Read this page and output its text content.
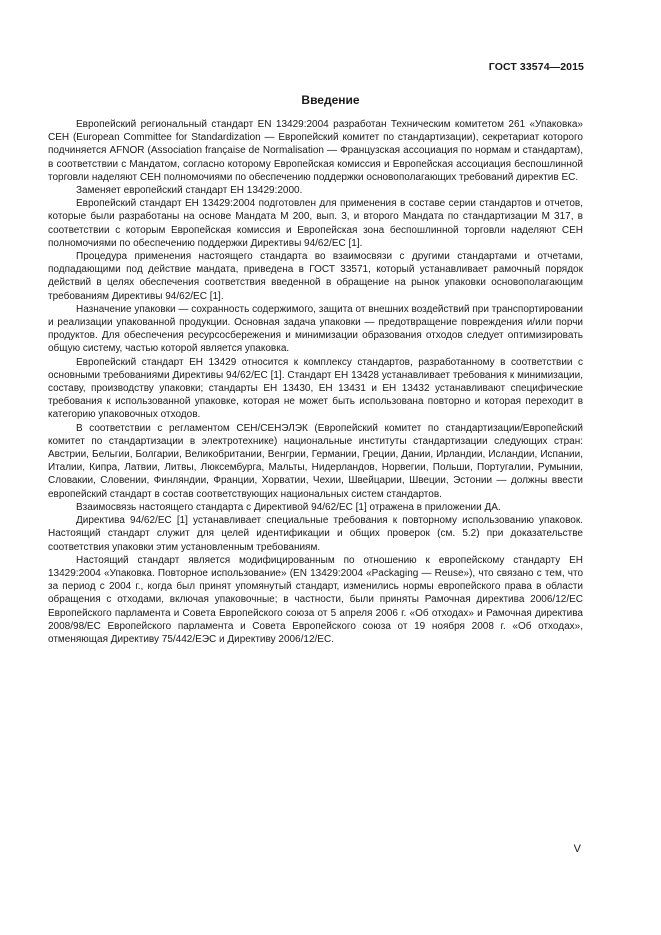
ГОСТ 33574—2015
Введение

Европейский региональный стандарт EN 13429:2004 разработан Техническим комитетом 261 «Упаковка» CEH (European Committee for Standardization — Европейский комитет по стандартизации), секретариат которого подчиняется AFNOR (Association française de Normalisation — Французская ассоциация по нормам и стандартам), в соответствии с Мандатом, согласно которому Европейская комиссия и Европейская ассоциация беспошлинной торговли наделяют CEH полномочиями по обеспечению поддержки основополагающих требований директив ЕС.

Заменяет европейский стандарт ЕН 13429:2000.

Европейский стандарт ЕН 13429:2004 подготовлен для применения в составе серии стандартов и отчетов, которые были разработаны на основе Мандата М 200, вып. 3, и второго Мандата по стандартизации М 317, в соответствии с которым Европейская комиссия и Европейская зона беспошлинной торговли наделяют CEH полномочиями по обеспечению поддержки Директивы 94/62/ЕС [1].

Процедура применения настоящего стандарта во взаимосвязи с другими стандартами и отчетами, подпадающими под действие мандата, приведена в ГОСТ 33571, который устанавливает рамочный порядок действий в целях обеспечения соответствия введенной в обращение на рынок упаковки основополагающим требованиям Директивы 94/62/ЕС [1].

Назначение упаковки — сохранность содержимого, защита от внешних воздействий при транспортировании и реализации упакованной продукции. Основная задача упаковки — предотвращение повреждения и/или порчи продуктов. Для обеспечения ресурсосбережения и минимизации образования отходов следует оптимизировать общую систему, частью которой является упаковка.

Европейский стандарт ЕН 13429 относится к комплексу стандартов, разработанному в соответствии с основными требованиями Директивы 94/62/ЕС [1]. Стандарт ЕН 13428 устанавливает требования к минимизации, составу, производству упаковки; стандарты ЕН 13430, ЕН 13431 и ЕН 13432 устанавливают специфические требования к использованной упаковке, которая не может быть использована повторно и которая переходит в категорию упаковочных отходов.

В соответствии с регламентом CEH/СЕНЭЛЭК (Европейский комитет по стандартизации/Европейский комитет по стандартизации в электротехнике) национальные институты стандартизации следующих стран: Австрии, Бельгии, Болгарии, Великобритании, Венгрии, Германии, Греции, Дании, Ирландии, Исландии, Испании, Италии, Кипра, Латвии, Литвы, Люксембурга, Мальты, Нидерландов, Норвегии, Польши, Португалии, Румынии, Словакии, Словении, Финляндии, Франции, Хорватии, Чехии, Швейцарии, Швеции, Эстонии — должны ввести европейский стандарт в состав соответствующих национальных систем стандартов.

Взаимосвязь настоящего стандарта с Директивой 94/62/ЕС [1] отражена в приложении ДА.

Директива 94/62/ЕС [1] устанавливает специальные требования к повторному использованию упаковок. Настоящий стандарт служит для целей идентификации и общих проверок (см. 5.2) при доказательстве соответствия упаковки этим установленным требованиям.

Настоящий стандарт является модифицированным по отношению к европейскому стандарту ЕН 13429:2004 «Упаковка. Повторное использование» (EN 13429:2004 «Packaging — Reuse»), что связано с тем, что за период с 2004 г., когда был принят упомянутый стандарт, изменились нормы европейского права в области обращения с отходами, включая упаковочные; в частности, были приняты Рамочная директива 2006/12/ЕС Европейского парламента и Совета Европейского союза от 5 апреля 2006 г. «Об отходах» и Рамочная директива 2008/98/ЕС Европейского парламента и Совета Европейского союза от 19 ноября 2008 г. «Об отходах», отменяющая Директиву 75/442/ЕЭС и Директиву 2006/12/ЕС.

V
